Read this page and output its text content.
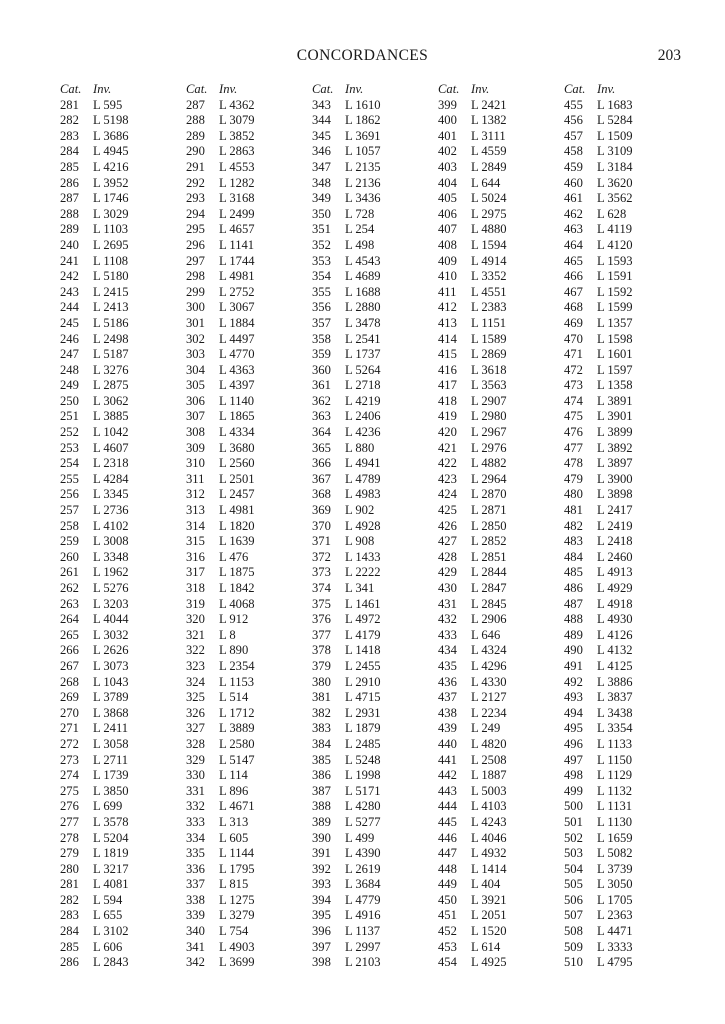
CONCORDANCES	203
Cat. Inv.
281 L 595
282 L 5198
283 L 3686
284 L 4945
285 L 4216
286 L 3952
287 L 1746
288 L 3029
289 L 1103
240 L 2695
241 L 1108
242 L 5180
243 L 2415
244 L 2413
245 L 5186
246 L 2498
247 L 5187
248 L 3276
249 L 2875
250 L 3062
251 L 3885
252 L 1042
253 L 4607
254 L 2318
255 L 4284
256 L 3345
257 L 2736
258 L 4102
259 L 3008
260 L 3348
261 L 1962
262 L 5276
263 L 3203
264 L 4044
265 L 3032
266 L 2626
267 L 3073
268 L 1043
269 L 3789
270 L 3868
271 L 2411
272 L 3058
273 L 2711
274 L 1739
275 L 3850
276 L 699
277 L 3578
278 L 5204
279 L 1819
280 L 3217
281 L 4081
282 L 594
283 L 655
284 L 3102
285 L 606
286 L 2843
Cat. Inv.
287 L 4362
288 L 3079
289 L 3852
290 L 2863
291 L 4553
292 L 1282
293 L 3168
294 L 2499
295 L 4657
296 L 1141
297 L 1744
298 L 4981
299 L 2752
300 L 3067
301 L 1884
302 L 4497
303 L 4770
304 L 4363
305 L 4397
306 L 1140
307 L 1865
308 L 4334
309 L 3680
310 L 2560
311 L 2501
312 L 2457
313 L 4981
314 L 1820
315 L 1639
316 L 476
317 L 1875
318 L 1842
319 L 4068
320 L 912
321 L 8
322 L 890
323 L 2354
324 L 1153
325 L 514
326 L 1712
327 L 3889
328 L 2580
329 L 5147
330 L 114
331 L 896
332 L 4671
333 L 313
334 L 605
335 L 1144
336 L 1795
337 L 815
338 L 1275
339 L 3279
340 L 754
341 L 4903
342 L 3699
Cat. Inv.
343 L 1610
344 L 1862
345 L 3691
346 L 1057
347 L 2135
348 L 2136
349 L 3436
350 L 728
351 L 254
352 L 498
353 L 4543
354 L 4689
355 L 1688
356 L 2880
357 L 3478
358 L 2541
359 L 1737
360 L 5264
361 L 2718
362 L 4219
363 L 2406
364 L 4236
365 L 880
366 L 4941
367 L 4789
368 L 4983
369 L 902
370 L 4928
371 L 908
372 L 1433
373 L 2222
374 L 341
375 L 1461
376 L 4972
377 L 4179
378 L 1418
379 L 2455
380 L 2910
381 L 4715
382 L 2931
383 L 1879
384 L 2485
385 L 5248
386 L 1998
387 L 5171
388 L 4280
389 L 5277
390 L 499
391 L 4390
392 L 2619
393 L 3684
394 L 4779
395 L 4916
396 L 1137
397 L 2997
398 L 2103
Cat. Inv.
399 L 2421
400 L 1382
401 L 3111
402 L 4559
403 L 2849
404 L 644
405 L 5024
406 L 2975
407 L 4880
408 L 1594
409 L 4914
410 L 3352
411 L 4551
412 L 2383
413 L 1151
414 L 1589
415 L 2869
416 L 3618
417 L 3563
418 L 2907
419 L 2980
420 L 2967
421 L 2976
422 L 4882
423 L 2964
424 L 2870
425 L 2871
426 L 2850
427 L 2852
428 L 2851
429 L 2844
430 L 2847
431 L 2845
432 L 2906
433 L 646
434 L 4324
435 L 4296
436 L 4330
437 L 2127
438 L 2234
439 L 249
440 L 4820
441 L 2508
442 L 1887
443 L 5003
444 L 4103
445 L 4243
446 L 4046
447 L 4932
448 L 1414
449 L 404
450 L 3921
451 L 2051
452 L 1520
453 L 614
454 L 4925
Cat. Inv.
455 L 1683
456 L 5284
457 L 1509
458 L 3109
459 L 3184
460 L 3620
461 L 3562
462 L 628
463 L 4119
464 L 4120
465 L 1593
466 L 1591
467 L 1592
468 L 1599
469 L 1357
470 L 1598
471 L 1601
472 L 1597
473 L 1358
474 L 3891
475 L 3901
476 L 3899
477 L 3892
478 L 3897
479 L 3900
480 L 3898
481 L 2417
482 L 2419
483 L 2418
484 L 2460
485 L 4913
486 L 4929
487 L 4918
488 L 4930
489 L 4126
490 L 4132
491 L 4125
492 L 3886
493 L 3837
494 L 3438
495 L 3354
496 L 1133
497 L 1150
498 L 1129
499 L 1132
500 L 1131
501 L 1130
502 L 1659
503 L 5082
504 L 3739
505 L 3050
506 L 1705
507 L 2363
508 L 4471
509 L 3333
510 L 4795
